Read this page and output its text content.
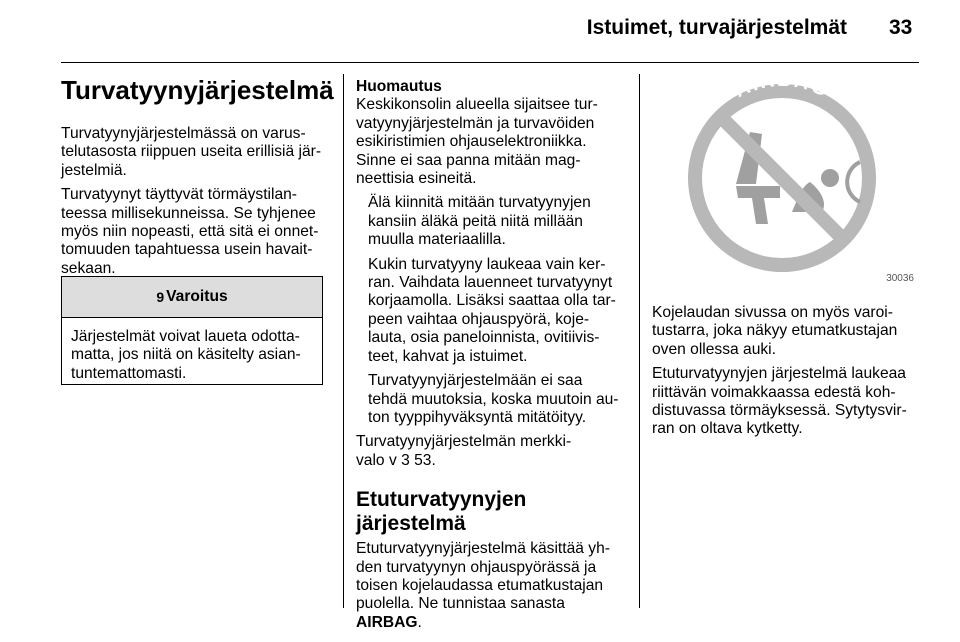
Istuimet, turvajärjestelmät 33
Turvatyynyjärjestelmä

Turvatyynyjärjestelmässä on varus-
telutasosta riippuen useita erillisiä jär-
jestelmiä.

Turvatyynyt täyttyvät törmäystilan-
teessa millisekunneissa. Se tyhjenee
myös niin nopeasti, että sitä ei onnet-
tomuuden tapahtuessa usein havait-
sekaan.

9 Varoitus
Järjestelmät voivat laueta odotta-
matta, jos niitä on käsitelty asian-
tuntemattomasti.
Huomautus

Keskikonsolin alueella sijaitsee tur-
vatyynyjärjestelmän ja turvavöiden
esikiristimien ohjauselektroniikka.
Sinne ei saa panna mitään mag-
neettisia esineitä.

Älä kiinnitä mitään turvatyynyjen
kansiin äläkä peitä niitä millään
muulla materiaalilla.

Kukin turvatyyny laukeaa vain ker-
ran. Vaihdata lauenneet turvatyynyt
korjaamolla. Lisäksi saattaa olla tar-
peen vaihtaa ohjauspyörä, koje-
lauta, osia paneloinnista, ovitiivis-
teet, kahvat ja istuimet.

Turvatyynyjärjestelmään ei saa
tehdä muutoksia, koska muutoin au-
ton tyyppihyväksyntä mitätöityy.

Turvatyynyjärjestelmän merkki-
valo v 3 53.

Etuturvatyynyjen järjestelmä

Etuturvatyynyjärjestelmä käsittää yh-
den turvatyynyn ohjauspyörässä ja
toisen kojelaudassa etumatkustajan
puolella. Ne tunnistaa sanasta
AIRBAG.

AIRBAG
30036

Kojelaudan sivussa on myös varoi-
tustarra, joka näkyy etumatkustajan
oven ollessa auki.

Etuturvatyynyjen järjestelmä laukeaa
riittävän voimakkaassa edestä koh-
distuvassa törmäyksessä. Sytytysvir-
ran on oltava kytketty.
